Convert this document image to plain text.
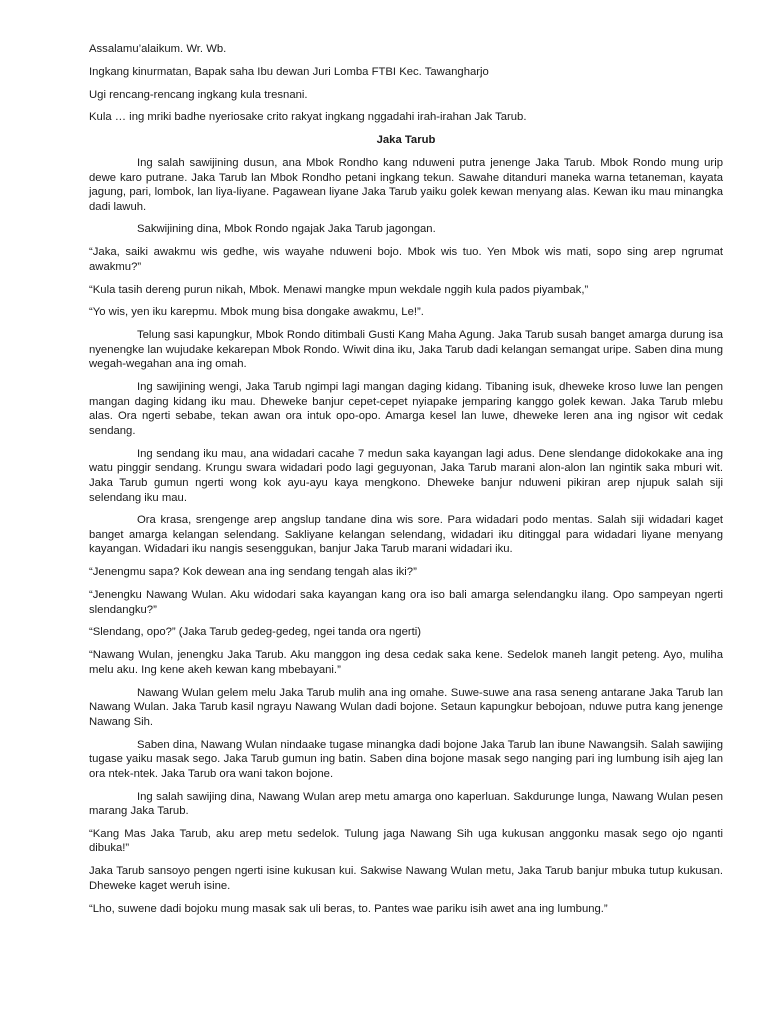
Assalamu’alaikum. Wr. Wb.
Ingkang kinurmatan, Bapak saha Ibu dewan Juri Lomba FTBI Kec. Tawangharjo
Ugi rencang-rencang ingkang kula tresnani.
Kula … ing mriki badhe nyeriosake crito rakyat ingkang nggadahi irah-irahan Jak Tarub.
Jaka Tarub

Ing salah sawijining dusun, ana Mbok Rondho kang nduweni putra jenenge Jaka Tarub. Mbok Rondo mung urip dewe karo putrane. Jaka Tarub lan Mbok Rondho petani ingkang tekun. Sawahe ditanduri maneka warna tetaneman, kayata jagung, pari, lombok, lan liya-liyane. Pagawean liyane Jaka Tarub yaiku golek kewan menyang alas. Kewan iku mau minangka dadi lawuh.

Sakwijining dina, Mbok Rondo ngajak Jaka Tarub jagongan.

“Jaka, saiki awakmu wis gedhe, wis wayahe nduweni bojo. Mbok wis tuo. Yen Mbok wis mati, sopo sing arep ngrumat awakmu?”

“Kula tasih dereng purun nikah, Mbok. Menawi mangke mpun wekdale nggih kula pados piyambak,”

“Yo wis, yen iku karepmu. Mbok mung bisa dongake awakmu, Le!”.

Telung sasi kapungkur, Mbok Rondo ditimbali Gusti Kang Maha Agung. Jaka Tarub susah banget amarga durung isa nyenengke lan wujudake kekarepan Mbok Rondo. Wiwit dina iku, Jaka Tarub dadi kelangan semangat uripe. Saben dina mung wegah-wegahan ana ing omah.

Ing sawijining wengi, Jaka Tarub ngimpi lagi mangan daging kidang. Tibaning isuk, dheweke kroso luwe lan pengen mangan daging kidang iku mau. Dheweke banjur cepet-cepet nyiapake jemparing kanggo golek kewan. Jaka Tarub mlebu alas. Ora ngerti sebabe, tekan awan ora intuk opo-opo. Amarga kesel lan luwe, dheweke leren ana ing ngisor wit cedak sendang.

Ing sendang iku mau, ana widadari cacahe 7 medun saka kayangan lagi adus. Dene slendange didokokake ana ing watu pinggir sendang. Krungu swara widadari podo lagi geguyonan, Jaka Tarub marani alon-alon lan ngintik saka mburi wit. Jaka Tarub gumun ngerti wong kok ayu-ayu kaya mengkono. Dheweke banjur nduweni pikiran arep njupuk salah siji selendang iku mau.

Ora krasa, srengenge arep angslup tandane dina wis sore. Para widadari podo mentas. Salah siji widadari kaget banget amarga kelangan selendang. Sakliyane kelangan selendang, widadari iku ditinggal para widadari liyane menyang kayangan. Widadari iku nangis sesenggukan, banjur Jaka Tarub marani widadari iku.

“Jenengmu sapa? Kok dewean ana ing sendang tengah alas iki?”

“Jenengku Nawang Wulan. Aku widodari saka kayangan kang ora iso bali amarga selendangku ilang. Opo sampeyan ngerti slendangku?”

“Slendang, opo?” (Jaka Tarub gedeg-gedeg, ngei tanda ora ngerti)

“Nawang Wulan, jenengku Jaka Tarub. Aku manggon ing desa cedak saka kene. Sedelok maneh langit peteng. Ayo, muliha melu aku. Ing kene akeh kewan kang mbebayani.”

Nawang Wulan gelem melu Jaka Tarub mulih ana ing omahe. Suwe-suwe ana rasa seneng antarane Jaka Tarub lan Nawang Wulan. Jaka Tarub kasil ngrayu Nawang Wulan dadi bojone. Setaun kapungkur bebojoan, nduwe putra kang jenenge Nawang Sih.

Saben dina, Nawang Wulan nindaake tugase minangka dadi bojone Jaka Tarub lan ibune Nawangsih. Salah sawijing tugase yaiku masak sego. Jaka Tarub gumun ing batin. Saben dina bojone masak sego nanging pari ing lumbung isih ajeg lan ora ntek-ntek. Jaka Tarub ora wani takon bojone.

Ing salah sawijing dina, Nawang Wulan arep metu amarga ono kaperluan. Sakdurunge lunga, Nawang Wulan pesen marang Jaka Tarub.

“Kang Mas Jaka Tarub, aku arep metu sedelok. Tulung jaga Nawang Sih uga kukusan anggonku masak sego ojo nganti dibuka!”

Jaka Tarub sansoyo pengen ngerti isine kukusan kui. Sakwise Nawang Wulan metu, Jaka Tarub banjur mbuka tutup kukusan. Dheweke kaget weruh isine.

“Lho, suwene dadi bojoku mung masak sak uli beras, to. Pantes wae pariku isih awet ana ing lumbung.”
